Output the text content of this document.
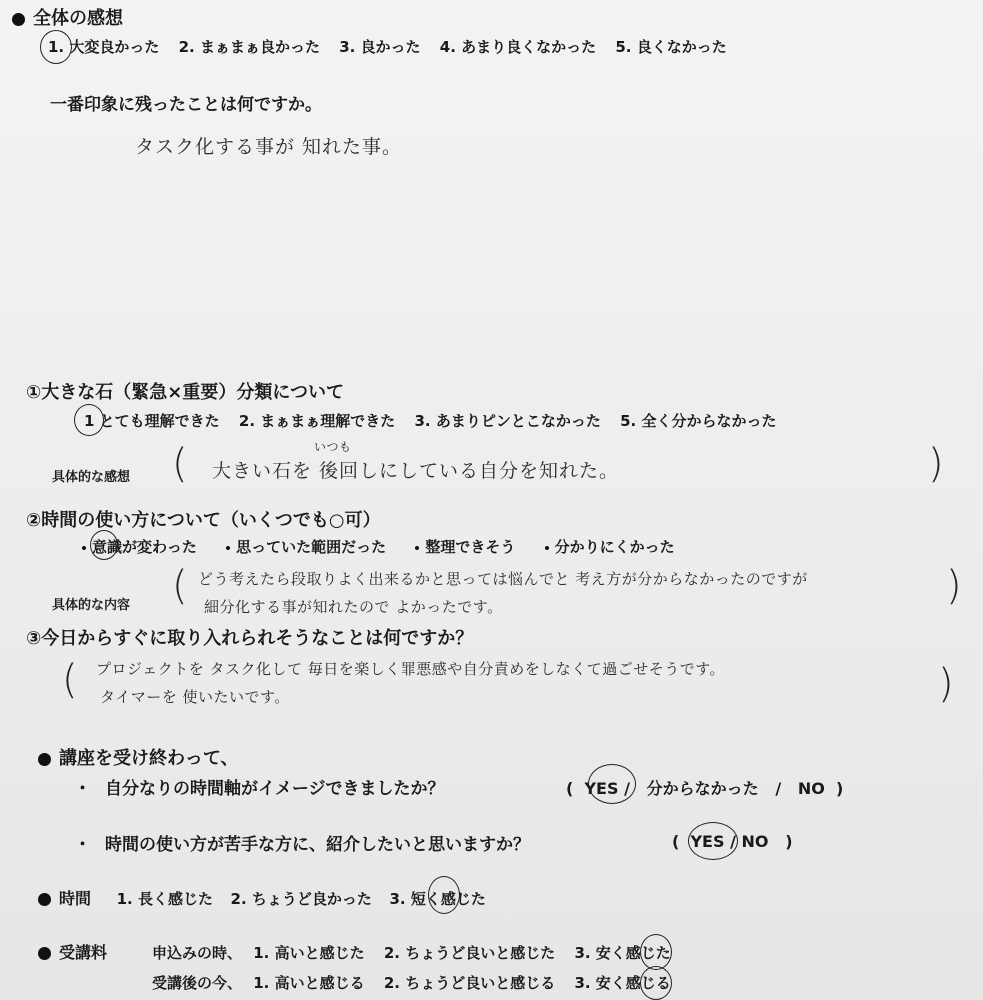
全体の感想
1. 大変良かった 2. まぁまぁ良かった 3. 良かった 4. あまり良くなかった 5. 良くなかった
一番印象に残ったことは何ですか。
タスク化する事が 知れた事。
①大きな石（緊急×重要）分類について
1 とても理解できた 2. まぁまぁ理解できた 3. あまりピンとこなかった 5. 全く分からなかった
具体的な感想 (	いつも
大きい石を 後回しにしている自分を知れた。	)
②時間の使い方について（いくつでも○可）
意識が変わった	思っていた範囲だった	整理できそう	分かりにくかった
具体的な内容 ( どう考えたら段取りよく出来るかと思っては悩んでと 考え方が分からなかったのですが
細分化する事が知れたので よかったです。	)
③今日からすぐに取り入れられそうなことは何ですか？
( プロジェクトを タスク化して 毎日を楽しく罪悪感や自分責めをしなくて過ごせそうです。
タイマーを 使いたいです。	)
講座を受け終わって、
・ 自分なりの時間軸がイメージできましたか？	(  YES /   分からなかった   /   NO  )
・ 時間の使い方が苦手な方に、紹介したいと思いますか？	(  YES / NO   )
時間 1. 長く感じた 2. ちょうど良かった 3. 短く感じた
受講料	申込みの時、 1. 高いと感じた 2. ちょうど良いと感じた 3. 安く感じた
受講後の今、 1. 高いと感じる 2. ちょうど良いと感じる 3. 安く感じる
